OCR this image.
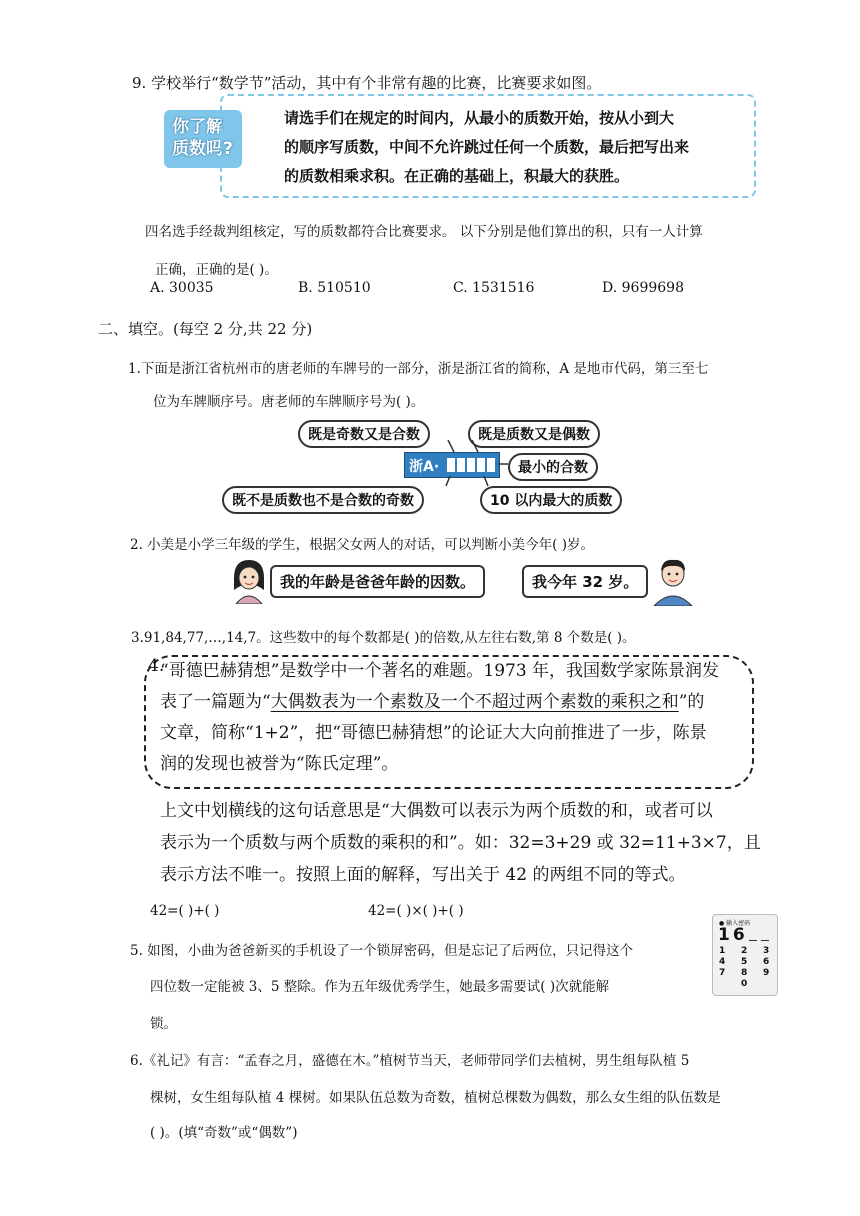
9. 学校举行“数学节”活动，其中有个非常有趣的比赛，比赛要求如图。
你了解质数吗?
请选手们在规定的时间内，从最小的质数开始，按从小到大
的顺序写质数，中间不允许跳过任何一个质数，最后把写出来
的质数相乘求积。在正确的基础上，积最大的获胜。
四名选手经裁判组核定，写的质数都符合比赛要求。 以下分别是他们算出的积，只有一人计算
正确，正确的是( )。
A. 30035	B. 510510	C. 1531516	D. 9699698
二、填空。(每空 2 分,共 22 分)
1.下面是浙江省杭州市的唐老师的车牌号的一部分，浙是浙江省的简称，A 是地市代码，第三至七
位为车牌顺序号。唐老师的车牌顺序号为( )。
既是奇数又是合数	既是质数又是偶数
最小的合数
既不是质数也不是合数的奇数	10 以内最大的质数
浙A·
2. 小美是小学三年级的学生，根据父女两人的对话，可以判断小美今年( )岁。
我的年龄是爸爸年龄的因数。	我今年 32 岁。
3.91,84,77,…,14,7。这些数中的每个数都是( )的倍数,从左往右数,第 8 个数是( )。
4.
“哥德巴赫猜想”是数学中一个著名的难题。1973 年，我国数学家陈景润发
表了一篇题为“大偶数表为一个素数及一个不超过两个素数的乘积之和”的
文章，简称“1+2”，把“哥德巴赫猜想”的论证大大向前推进了一步，陈景
润的发现也被誉为“陈氏定理”。
上文中划横线的这句话意思是“大偶数可以表示为两个质数的和，或者可以
表示为一个质数与两个质数的乘积的和”。如：32=3+29 或 32=11+3×7，且
表示方法不唯一。按照上面的解释，写出关于 42 的两组不同的等式。
42=( )+( )	42=( )×( )+( )
5. 如图，小曲为爸爸新买的手机设了一个锁屏密码，但是忘记了后两位，只记得这个
四位数一定能被 3、5 整除。作为五年级优秀学生，她最多需要试( )次就能解
锁。
● 输入密码
16
1 2 3
4 5 6
7 8 9
0
6.《礼记》有言：“孟春之月，盛德在木。”植树节当天，老师带同学们去植树，男生组每队植 5
棵树，女生组每队植 4 棵树。如果队伍总数为奇数，植树总棵数为偶数，那么女生组的队伍数是
( )。(填“奇数”或“偶数”)
